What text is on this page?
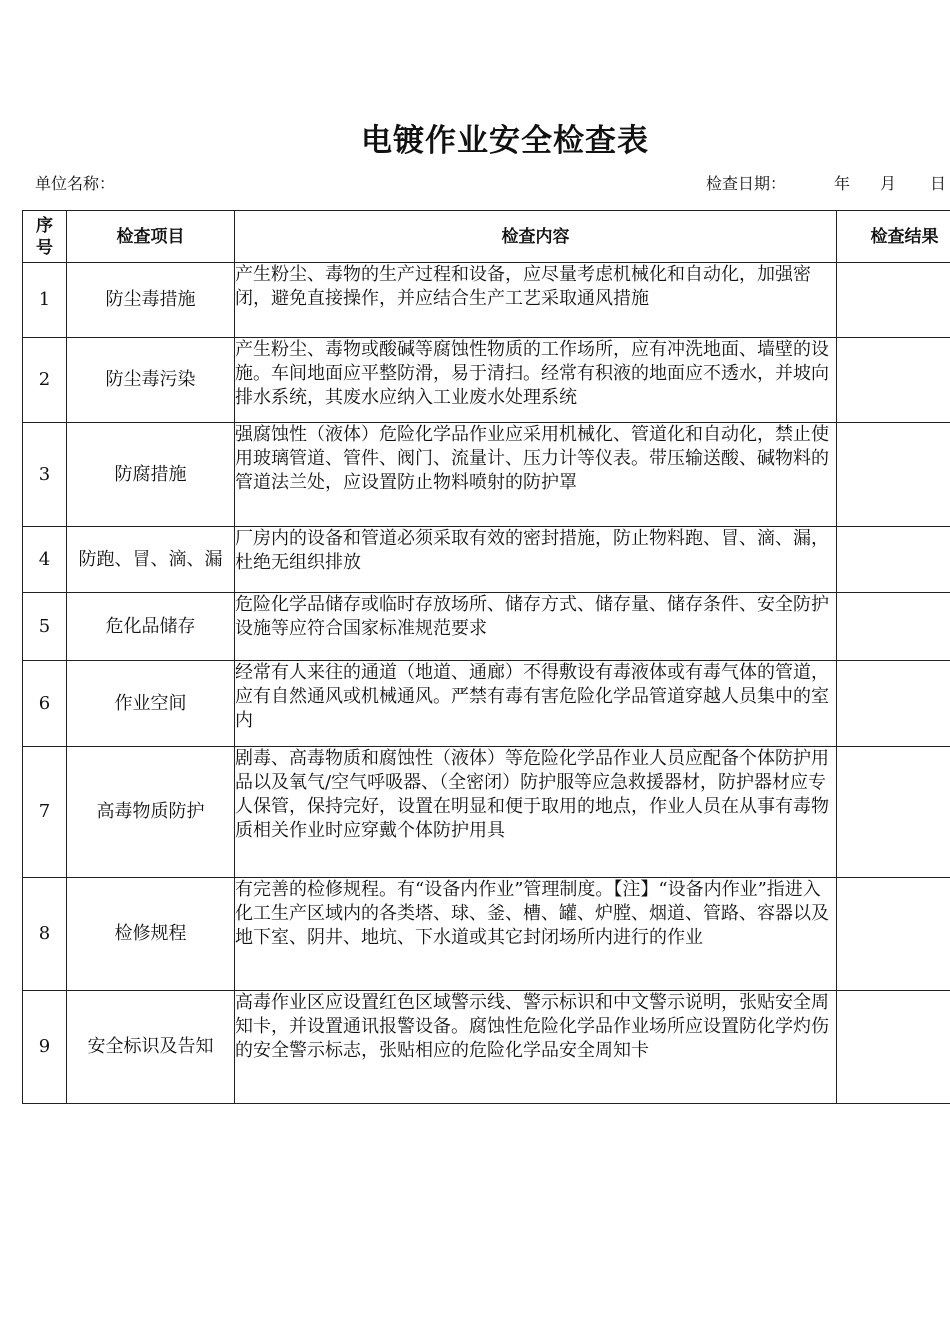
电镀作业安全检查表
单位名称：	检查日期：	年 月 日
序号	检查项目	检查内容	检查结果
1	防尘毒措施	产生粉尘、毒物的生产过程和设备，应尽量考虑机械化和自动化，加强密闭，避免直接操作，并应结合生产工艺采取通风措施	
2	防尘毒污染	产生粉尘、毒物或酸碱等腐蚀性物质的工作场所，应有冲洗地面、墙壁的设施。车间地面应平整防滑，易于清扫。经常有积液的地面应不透水，并坡向排水系统，其废水应纳入工业废水处理系统	
3	防腐措施	强腐蚀性（液体）危险化学品作业应采用机械化、管道化和自动化，禁止使用玻璃管道、管件、阀门、流量计、压力计等仪表。带压输送酸、碱物料的管道法兰处，应设置防止物料喷射的防护罩	
4	防跑、冒、滴、漏	厂房内的设备和管道必须采取有效的密封措施，防止物料跑、冒、滴、漏，杜绝无组织排放	
5	危化品储存	危险化学品储存或临时存放场所、储存方式、储存量、储存条件、安全防护设施等应符合国家标准规范要求	
6	作业空间	经常有人来往的通道（地道、通廊）不得敷设有毒液体或有毒气体的管道，应有自然通风或机械通风。严禁有毒有害危险化学品管道穿越人员集中的室内	
7	高毒物质防护	剧毒、高毒物质和腐蚀性（液体）等危险化学品作业人员应配备个体防护用品以及氧气/空气呼吸器、（全密闭）防护服等应急救援器材，防护器材应专人保管，保持完好，设置在明显和便于取用的地点，作业人员在从事有毒物质相关作业时应穿戴个体防护用具	
8	检修规程	有完善的检修规程。有“设备内作业”管理制度。【注】“设备内作业”指进入化工生产区域内的各类塔、球、釜、槽、罐、炉膛、烟道、管路、容器以及地下室、阴井、地坑、下水道或其它封闭场所内进行的作业	
9	安全标识及告知	高毒作业区应设置红色区域警示线、警示标识和中文警示说明，张贴安全周知卡，并设置通讯报警设备。腐蚀性危险化学品作业场所应设置防化学灼伤的安全警示标志，张贴相应的危险化学品安全周知卡	
